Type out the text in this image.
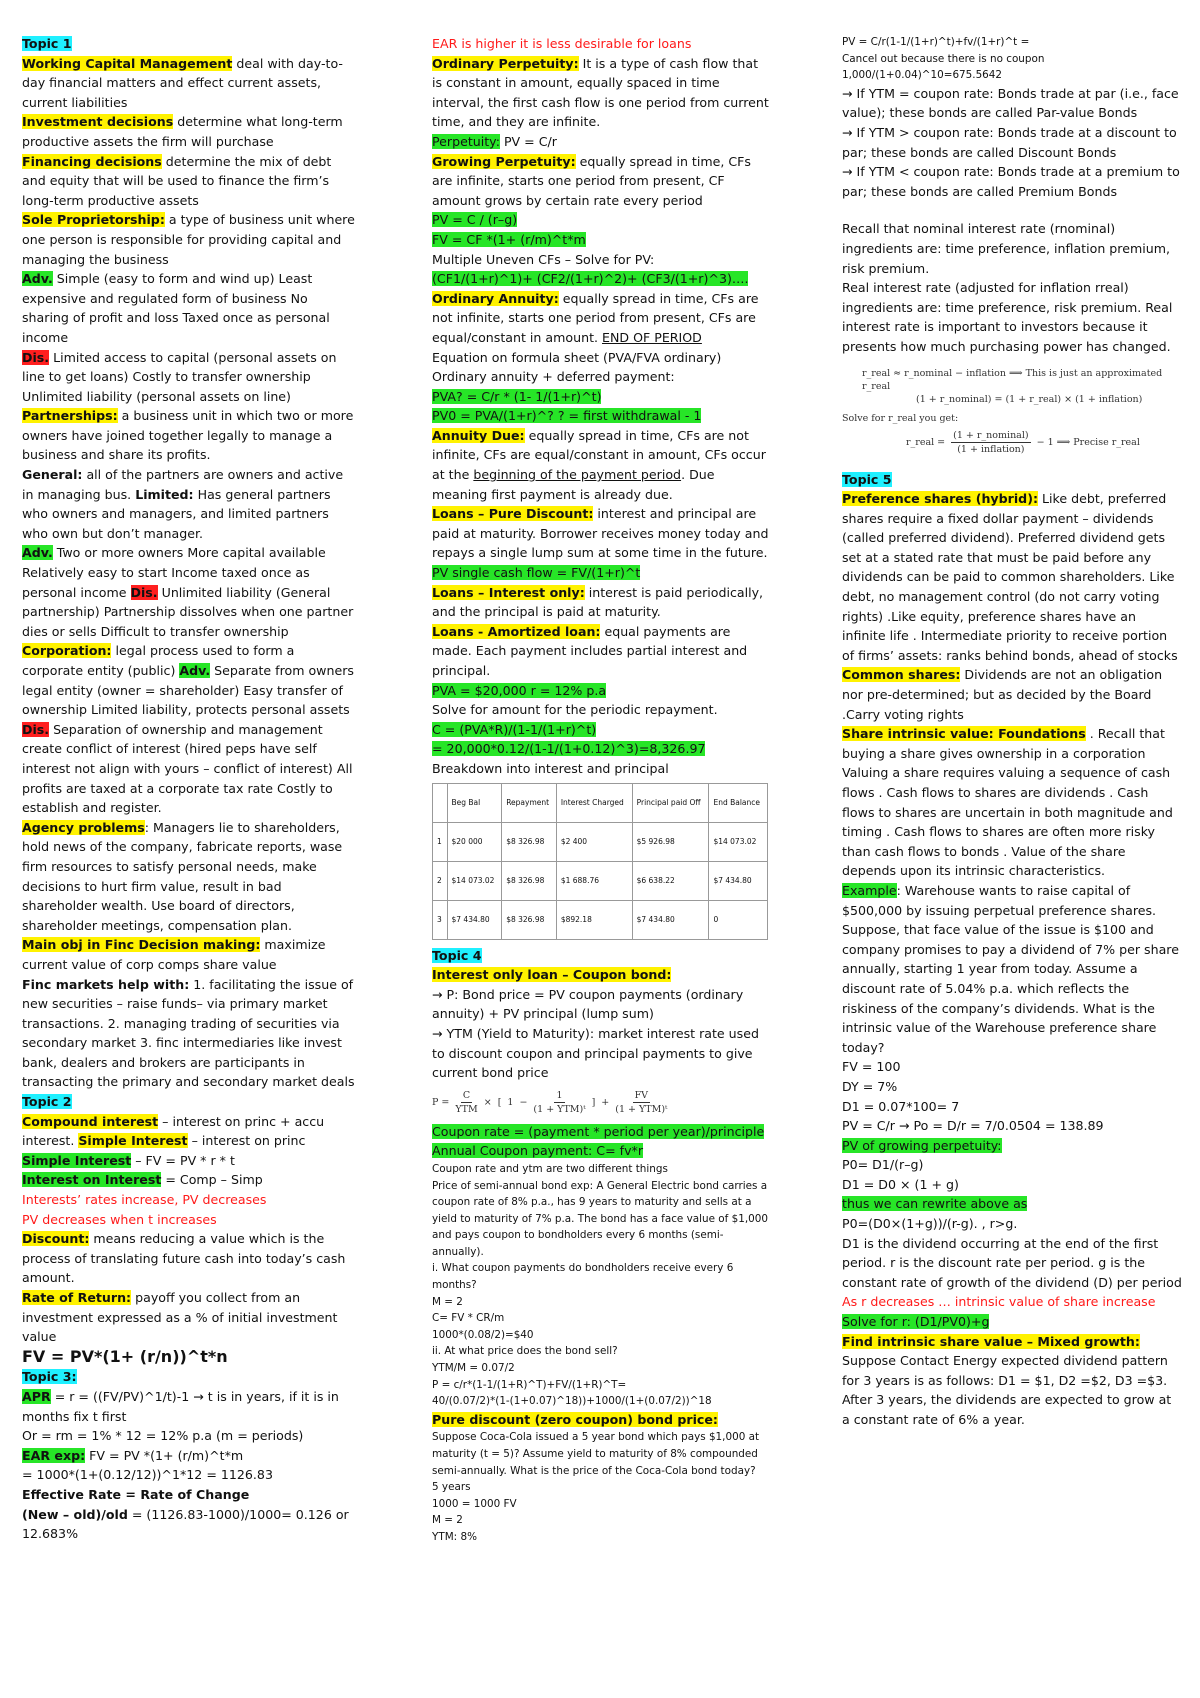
Topic 1
Working Capital Management deal with day-to-day financial matters and effect current assets, current liabilities
Investment decisions determine what long-term productive assets the firm will purchase
Financing decisions determine the mix of debt and equity that will be used to finance the firm’s long-term productive assets
Sole Proprietorship: a type of business unit where one person is responsible for providing capital and managing the business
Adv. Simple (easy to form and wind up) Least expensive and regulated form of business No sharing of profit and loss Taxed once as personal income
Dis. Limited access to capital (personal assets on line to get loans) Costly to transfer ownership Unlimited liability (personal assets on line)
Partnerships: a business unit in which two or more owners have joined together legally to manage a business and share its profits.
General: all of the partners are owners and active in managing bus. Limited: Has general partners who owners and managers, and limited partners who own but don’t manager.
Adv. Two or more owners More capital available Relatively easy to start Income taxed once as personal income Dis. Unlimited liability (General partnership) Partnership dissolves when one partner dies or sells Difficult to transfer ownership
Corporation: legal process used to form a corporate entity (public) Adv. Separate from owners legal entity (owner = shareholder) Easy transfer of ownership Limited liability, protects personal assets Dis. Separation of ownership and management create conflict of interest (hired peps have self interest not align with yours – conflict of interest) All profits are taxed at a corporate tax rate Costly to establish and register.
Agency problems: Managers lie to shareholders, hold news of the company, fabricate reports, wase firm resources to satisfy personal needs, make decisions to hurt firm value, result in bad shareholder wealth. Use board of directors, shareholder meetings, compensation plan.
Main obj in Finc Decision making: maximize current value of corp comps share value
Finc markets help with: 1. facilitating the issue of new securities – raise funds– via primary market transactions. 2. managing trading of securities via secondary market 3. finc intermediaries like invest bank, dealers and brokers are participants in transacting the primary and secondary market deals
Topic 2
Compound interest – interest on princ + accu interest. Simple Interest – interest on princ
Simple Interest – FV = PV * r * t
Interest on Interest = Comp – Simp
Interests’ rates increase, PV decreases
PV decreases when t increases
Discount: means reducing a value which is the process of translating future cash into today’s cash amount.
Rate of Return: payoff you collect from an investment expressed as a % of initial investment value
FV = PV*(1+ (r/n))^t*n
Topic 3:
APR = r = ((FV/PV)^1/t)-1 → t is in years, if it is in months fix t first
Or = rm = 1% * 12 = 12% p.a (m = periods)
EAR exp: FV = PV *(1+ (r/m)^t*m
= 1000*(1+(0.12/12))^1*12 = 1126.83
Effective Rate = Rate of Change
(New – old)/old = (1126.83-1000)/1000= 0.126 or 12.683%
EAR is higher it is less desirable for loans
Ordinary Perpetuity: It is a type of cash flow that is constant in amount, equally spaced in time interval, the first cash flow is one period from current time, and they are infinite.
Perpetuity: PV = C/r
Growing Perpetuity: equally spread in time, CFs are infinite, starts one period from present, CF amount grows by certain rate every period
PV = C / (r–g)
FV = CF *(1+ (r/m)^t*m
Multiple Uneven CFs – Solve for PV:
(CF1/(1+r)^1)+ (CF2/(1+r)^2)+ (CF3/(1+r)^3)….
Ordinary Annuity: equally spread in time, CFs are not infinite, starts one period from present, CFs are equal/constant in amount. END OF PERIOD
Equation on formula sheet (PVA/FVA ordinary)
Ordinary annuity + deferred payment:
PVA? = C/r * (1- 1/(1+r)^t)
PV0 = PVA/(1+r)^? ? = first withdrawal - 1
Annuity Due: equally spread in time, CFs are not infinite, CFs are equal/constant in amount, CFs occur at the beginning of the payment period. Due meaning first payment is already due.
Loans – Pure Discount: interest and principal are paid at maturity. Borrower receives money today and repays a single lump sum at some time in the future.
PV single cash flow = FV/(1+r)^t
Loans – Interest only: interest is paid periodically, and the principal is paid at maturity.
Loans - Amortized loan: equal payments are made. Each payment includes partial interest and principal.
PVA = $20,000 r = 12% p.a
Solve for amount for the periodic repayment.
C = (PVA*R)/(1-1/(1+r)^t)
= 20,000*0.12/(1-1/(1+0.12)^3)=8,326.97
Breakdown into interest and principal
	Beg Bal	Repayment	Interest Charged	Principal paid Off	End Balance
1	$20 000	$8 326.98	$2 400	$5 926.98	$14 073.02
2	$14 073.02	$8 326.98	$1 688.76	$6 638.22	$7 434.80
3	$7 434.80	$8 326.98	$892.18	$7 434.80	0
Topic 4
Interest only loan – Coupon bond:
→ P: Bond price = PV coupon payments (ordinary annuity) + PV principal (lump sum)
→ YTM (Yield to Maturity): market interest rate used to discount coupon and principal payments to give current bond price
$P = \frac{C}{\text{YTM}}$ × [ $1 - \frac{1}{\text{(1 + YTM)ᵗ}}$ ] + $\frac{FV}{\text{(1 + YTM)ᵗ}}$
Coupon rate = (payment * period per year)/principle
Annual Coupon payment: C= fv*r
Coupon rate and ytm are two different things
Price of semi-annual bond exp: A General Electric bond carries a coupon rate of 8% p.a., has 9 years to maturity and sells at a yield to maturity of 7% p.a. The bond has a face value of $1,000 and pays coupon to bondholders every 6 months (semi-annually).
i. What coupon payments do bondholders receive every 6 months?
M = 2
C= FV * CR/m
1000*(0.08/2)=$40
ii. At what price does the bond sell?
YTM/M = 0.07/2
P = c/r*(1-1/(1+R)^T)+FV/(1+R)^T=
40/(0.07/2)*(1-(1+0.07)^18))+1000/(1+(0.07/2))^18
Pure discount (zero coupon) bond price:
Suppose Coca-Cola issued a 5 year bond which pays $1,000 at maturity (t = 5)? Assume yield to maturity of 8% compounded semi-annually. What is the price of the Coca-Cola bond today?
5 years
1000 = 1000 FV
M = 2
YTM: 8%
PV = C/r(1-1/(1+r)^t)+fv/(1+r)^t =
Cancel out because there is no coupon
1,000/(1+0.04)^10=675.5642
→ If YTM = coupon rate: Bonds trade at par (i.e., face value); these bonds are called Par-value Bonds
→ If YTM > coupon rate: Bonds trade at a discount to par; these bonds are called Discount Bonds
→ If YTM < coupon rate: Bonds trade at a premium to par; these bonds are called Premium Bonds
Recall that nominal interest rate (rnominal) ingredients are: time preference, inflation premium, risk premium.
Real interest rate (adjusted for inflation rreal) ingredients are: time preference, risk premium. Real interest rate is important to investors because it presents how much purchasing power has changed.
r_real ≈ r_nominal − inflation ⟹ This is just an approximated r_real
(1 + r_nominal) = (1 + r_real) × (1 + inflation)
Solve for r_real you get:
r_real = $\frac{\text{(1 + r\_nominal)}}{\text{(1 + inflation)}} - 1$ ⟹ Precise r_real
Topic 5
Preference shares (hybrid): Like debt, preferred shares require a fixed dollar payment – dividends (called preferred dividend). Preferred dividend gets set at a stated rate that must be paid before any dividends can be paid to common shareholders. Like debt, no management control (do not carry voting rights) .Like equity, preference shares have an infinite life . Intermediate priority to receive portion of firms’ assets: ranks behind bonds, ahead of stocks Common shares: Dividends are not an obligation nor pre-determined; but as decided by the Board .Carry voting rights
Share intrinsic value: Foundations . Recall that buying a share gives ownership in a corporation Valuing a share requires valuing a sequence of cash flows . Cash flows to shares are dividends . Cash flows to shares are uncertain in both magnitude and timing . Cash flows to shares are often more risky than cash flows to bonds . Value of the share depends upon its intrinsic characteristics.
Example: Warehouse wants to raise capital of $500,000 by issuing perpetual preference shares. Suppose, that face value of the issue is $100 and company promises to pay a dividend of 7% per share annually, starting 1 year from today. Assume a discount rate of 5.04% p.a. which reflects the riskiness of the company’s dividends. What is the intrinsic value of the Warehouse preference share today?
FV = 100
DY = 7%
D1 = 0.07*100= 7
PV = C/r → Po = D/r = 7/0.0504 = 138.89
PV of growing perpetuity:
P0= D1/(r–g)
D1 = D0 × (1 + g)
thus we can rewrite above as
P0=(D0×(1+g))/(r-g). , r>g.
D1 is the dividend occurring at the end of the first period. r is the discount rate per period. g is the constant rate of growth of the dividend (D) per period
As r decreases … intrinsic value of share increase
Solve for r: (D1/PV0)+g
Find intrinsic share value – Mixed growth:
Suppose Contact Energy expected dividend pattern for 3 years is as follows: D1 = $1, D2 =$2, D3 =$3. After 3 years, the dividends are expected to grow at a constant rate of 6% a year.
